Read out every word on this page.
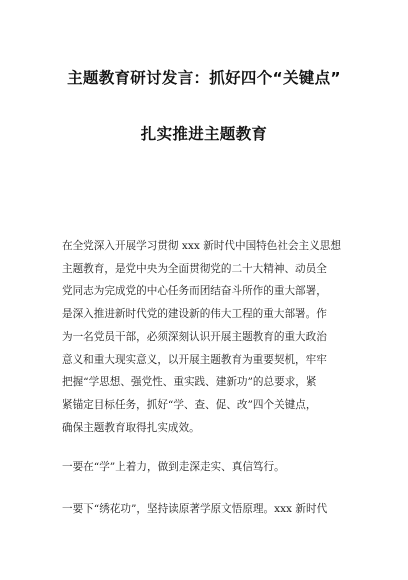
主题教育研讨发言：抓好四个“关键点”
扎实推进主题教育
在全党深入开展学习贯彻 xxx 新时代中国特色社会主义思想
主题教育，是党中央为全面贯彻党的二十大精神、动员全
党同志为完成党的中心任务而团结奋斗所作的重大部署，
是深入推进新时代党的建设新的伟大工程的重大部署。作
为一名党员干部，必须深刻认识开展主题教育的重大政治
意义和重大现实意义，以开展主题教育为重要契机，牢牢
把握“学思想、强党性、重实践、建新功”的总要求，紧
紧锚定目标任务，抓好“学、查、促、改”四个关键点，
确保主题教育取得扎实成效。
一要在“学”上着力，做到走深走实、真信笃行。
一要下“绣花功”，坚持读原著学原文悟原理。xxx 新时代
